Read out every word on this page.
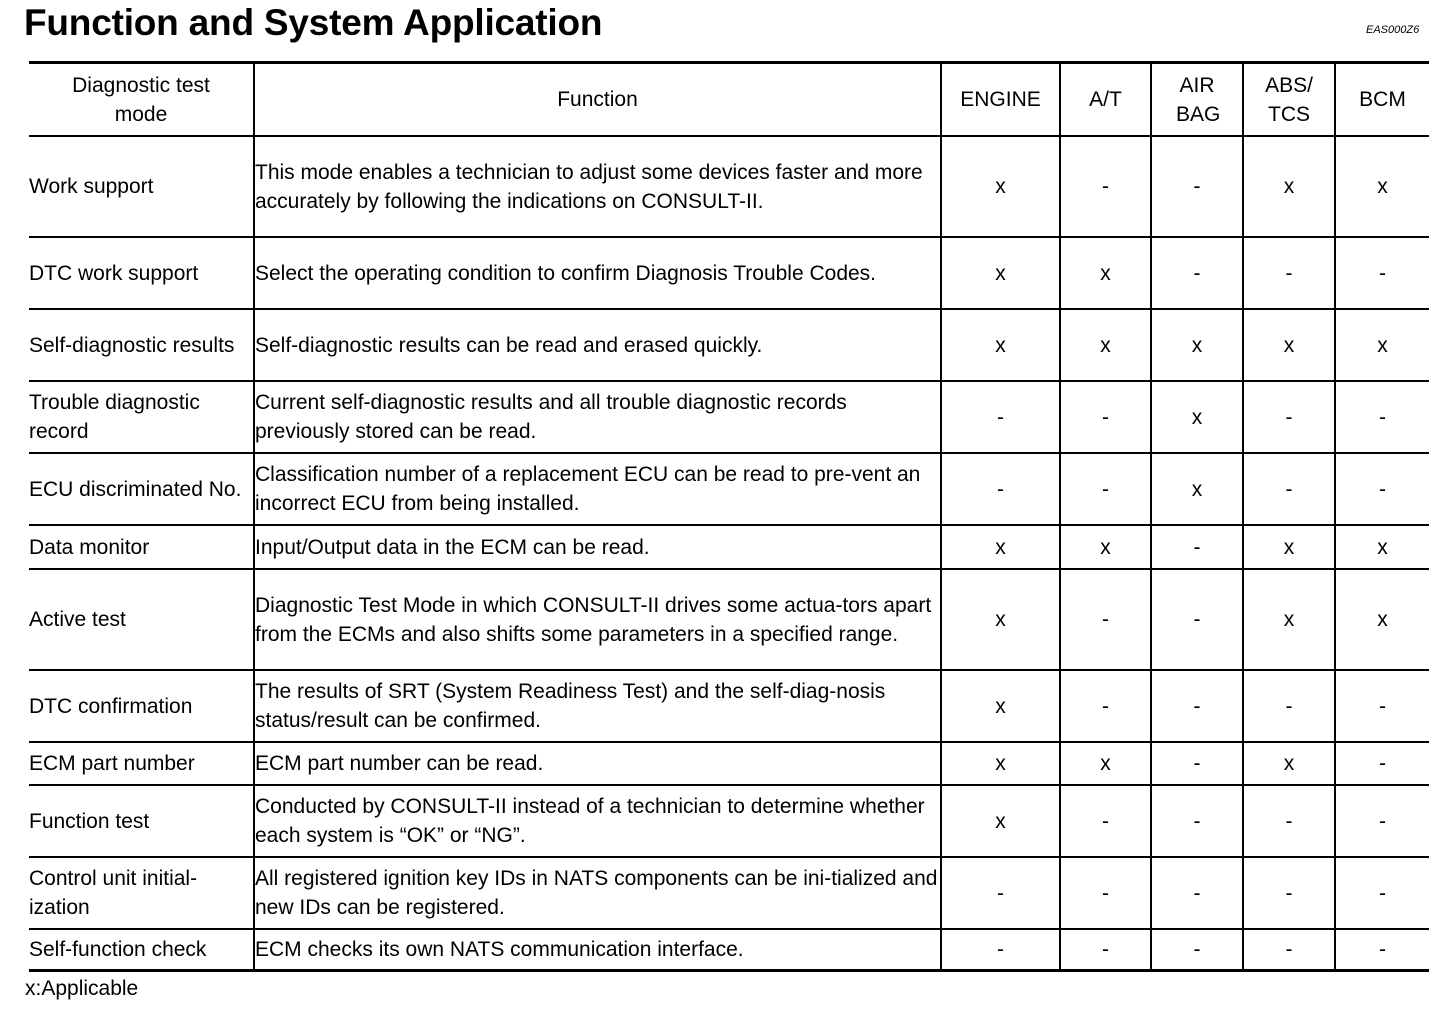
Function and System Application	EAS000Z6
Diagnostic test mode	Function	ENGINE	A/T	AIR BAG	ABS/ TCS	BCM
Work support	This mode enables a technician to adjust some devices faster and more accurately by following the indications on CONSULT-II.	x	-	-	x	x
DTC work support	Select the operating condition to confirm Diagnosis Trouble Codes.	x	x	-	-	-
Self-diagnostic results	Self-diagnostic results can be read and erased quickly.	x	x	x	x	x
Trouble diagnostic record	Current self-diagnostic results and all trouble diagnostic records previously stored can be read.	-	-	x	-	-
ECU discriminated No.	Classification number of a replacement ECU can be read to pre-vent an incorrect ECU from being installed.	-	-	x	-	-
Data monitor	Input/Output data in the ECM can be read.	x	x	-	x	x
Active test	Diagnostic Test Mode in which CONSULT-II drives some actua-tors apart from the ECMs and also shifts some parameters in a specified range.	x	-	-	x	x
DTC confirmation	The results of SRT (System Readiness Test) and the self-diag-nosis status/result can be confirmed.	x	-	-	-	-
ECM part number	ECM part number can be read.	x	x	-	x	-
Function test	Conducted by CONSULT-II instead of a technician to determine whether each system is “OK” or “NG”.	x	-	-	-	-
Control unit initial-ization	All registered ignition key IDs in NATS components can be ini-tialized and new IDs can be registered.	-	-	-	-	-
Self-function check	ECM checks its own NATS communication interface.	-	-	-	-	-
x:Applicable
